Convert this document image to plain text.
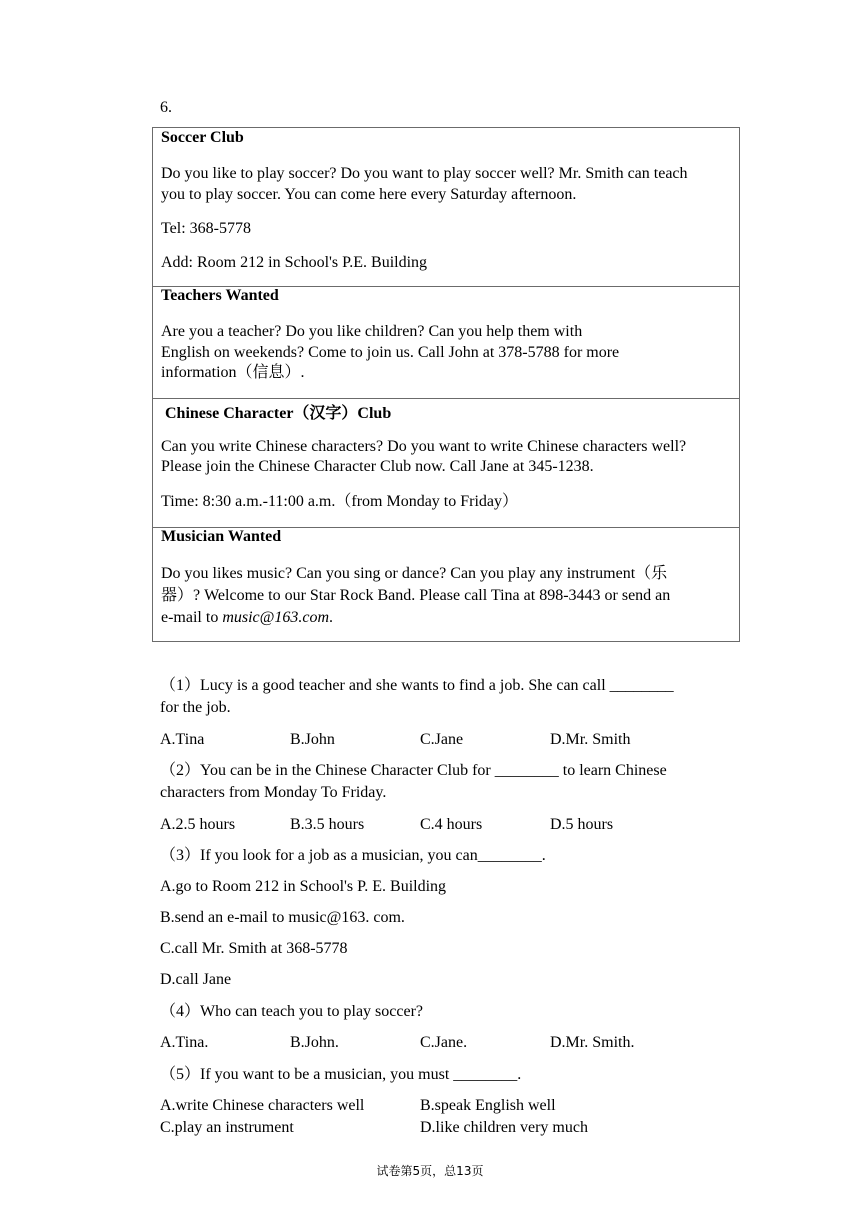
6.
Soccer Club
Do you like to play soccer? Do you want to play soccer well? Mr. Smith can teach
you to play soccer. You can come here every Saturday afternoon.
Tel: 368-5778
Add: Room 212 in School's P.E. Building
Teachers Wanted
Are you a teacher? Do you like children? Can you help them with
English on weekends? Come to join us. Call John at 378-5788 for more
information（信息）.
Chinese Character（汉字）Club
Can you write Chinese characters? Do you want to write Chinese characters well?
Please join the Chinese Character Club now. Call Jane at 345-1238.
Time: 8:30 a.m.-11:00 a.m.（from Monday to Friday）
Musician Wanted
Do you likes music? Can you sing or dance? Can you play any instrument（乐
器）? Welcome to our Star Rock Band. Please call Tina at 898-3443 or send an
e-mail to music@163.com.
（1）Lucy is a good teacher and she wants to find a job. She can call ________
for the job.
A.Tina	B.John	C.Jane	D.Mr. Smith
（2）You can be in the Chinese Character Club for ________ to learn Chinese
characters from Monday To Friday.
A.2.5 hours	B.3.5 hours	C.4 hours	D.5 hours
（3）If you look for a job as a musician, you can________.
A.go to Room 212 in School's P. E. Building
B.send an e-mail to music@163. com.
C.call Mr. Smith at 368-5778
D.call Jane
（4）Who can teach you to play soccer?
A.Tina.	B.John.	C.Jane.	D.Mr. Smith.
（5）If you want to be a musician, you must ________.
A.write Chinese characters well	B.speak English well
C.play an instrument	D.like children very much
试卷第5页，总13页
